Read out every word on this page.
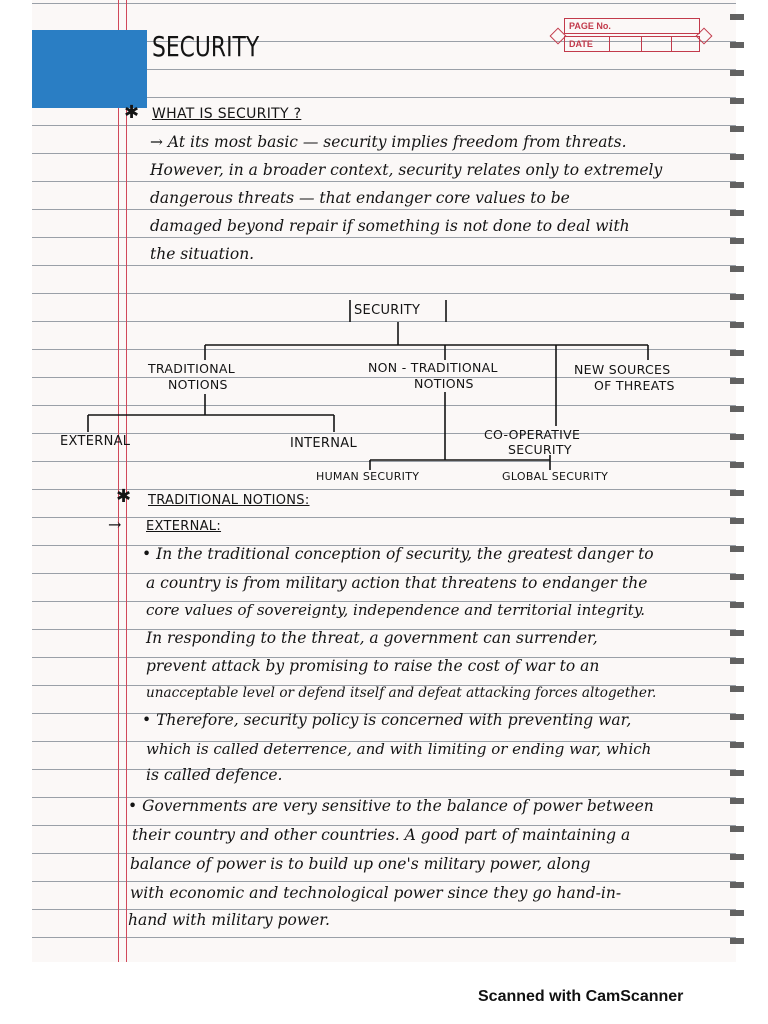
PAGE No.
DATE
SECURITY
✱ WHAT IS SECURITY ?
→ At its most basic — security implies freedom from threats.
However, in a broader context, security relates only to extremely
dangerous threats — that endanger core values to be
damaged beyond repair if something is not done to deal with
the situation.
SECURITY
TRADITIONAL
NOTIONS
NON - TRADITIONAL
NOTIONS
NEW SOURCES
OF THREATS
EXTERNAL	INTERNAL
CO-OPERATIVE
SECURITY
HUMAN SECURITY	GLOBAL SECURITY
✱ TRADITIONAL NOTIONS:
→ EXTERNAL:
• In the traditional conception of security, the greatest danger to
a country is from military action that threatens to endanger the
core values of sovereignty, independence and territorial integrity.
In responding to the threat, a government can surrender,
prevent attack by promising to raise the cost of war to an
unacceptable level or defend itself and defeat attacking forces altogether.
• Therefore, security policy is concerned with preventing war,
which is called deterrence, and with limiting or ending war, which
is called defence.
• Governments are very sensitive to the balance of power between
their country and other countries. A good part of maintaining a
balance of power is to build up one's military power, along
with economic and technological power since they go hand-in-
hand with military power.
Scanned with CamScanner
